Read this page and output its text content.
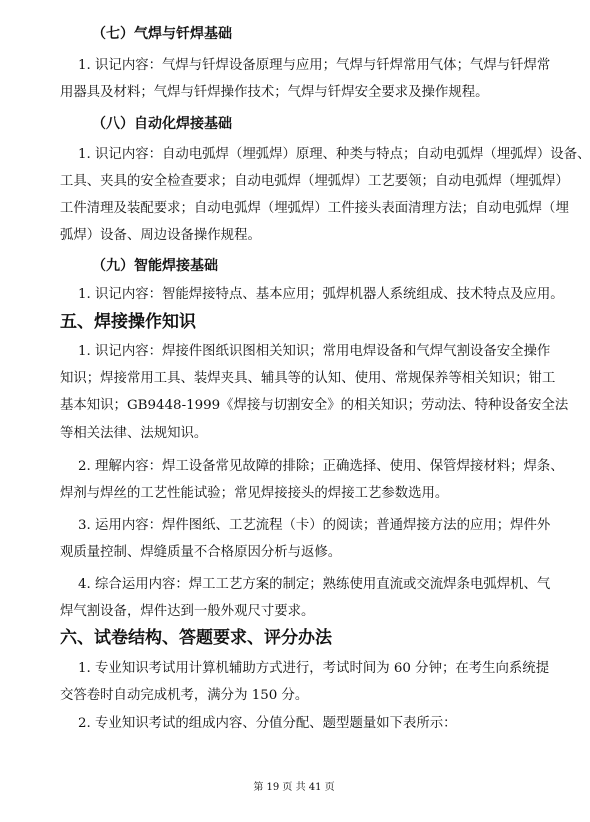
（七）气焊与钎焊基础
1. 识记内容：气焊与钎焊设备原理与应用；气焊与钎焊常用气体；气焊与钎焊常
用器具及材料；气焊与钎焊操作技术；气焊与钎焊安全要求及操作规程。
（八）自动化焊接基础
1. 识记内容：自动电弧焊（埋弧焊）原理、种类与特点；自动电弧焊（埋弧焊）设备、
工具、夹具的安全检查要求；自动电弧焊（埋弧焊）工艺要领；自动电弧焊（埋弧焊）
工件清理及装配要求；自动电弧焊（埋弧焊）工件接头表面清理方法；自动电弧焊（埋
弧焊）设备、周边设备操作规程。
（九）智能焊接基础
1. 识记内容：智能焊接特点、基本应用；弧焊机器人系统组成、技术特点及应用。
五、焊接操作知识
1. 识记内容：焊接件图纸识图相关知识；常用电焊设备和气焊气割设备安全操作
知识；焊接常用工具、装焊夹具、辅具等的认知、使用、常规保养等相关知识；钳工
基本知识；GB9448-1999《焊接与切割安全》的相关知识；劳动法、特种设备安全法
等相关法律、法规知识。
2. 理解内容：焊工设备常见故障的排除；正确选择、使用、保管焊接材料；焊条、
焊剂与焊丝的工艺性能试验；常见焊接接头的焊接工艺参数选用。
3. 运用内容：焊件图纸、工艺流程（卡）的阅读；普通焊接方法的应用；焊件外
观质量控制、焊缝质量不合格原因分析与返修。
4. 综合运用内容：焊工工艺方案的制定；熟练使用直流或交流焊条电弧焊机、气
焊气割设备，焊件达到一般外观尺寸要求。
六、试卷结构、答题要求、评分办法
1. 专业知识考试用计算机辅助方式进行，考试时间为 60 分钟；在考生向系统提
交答卷时自动完成机考，满分为 150 分。
2. 专业知识考试的组成内容、分值分配、题型题量如下表所示：
第 19 页 共 41 页
